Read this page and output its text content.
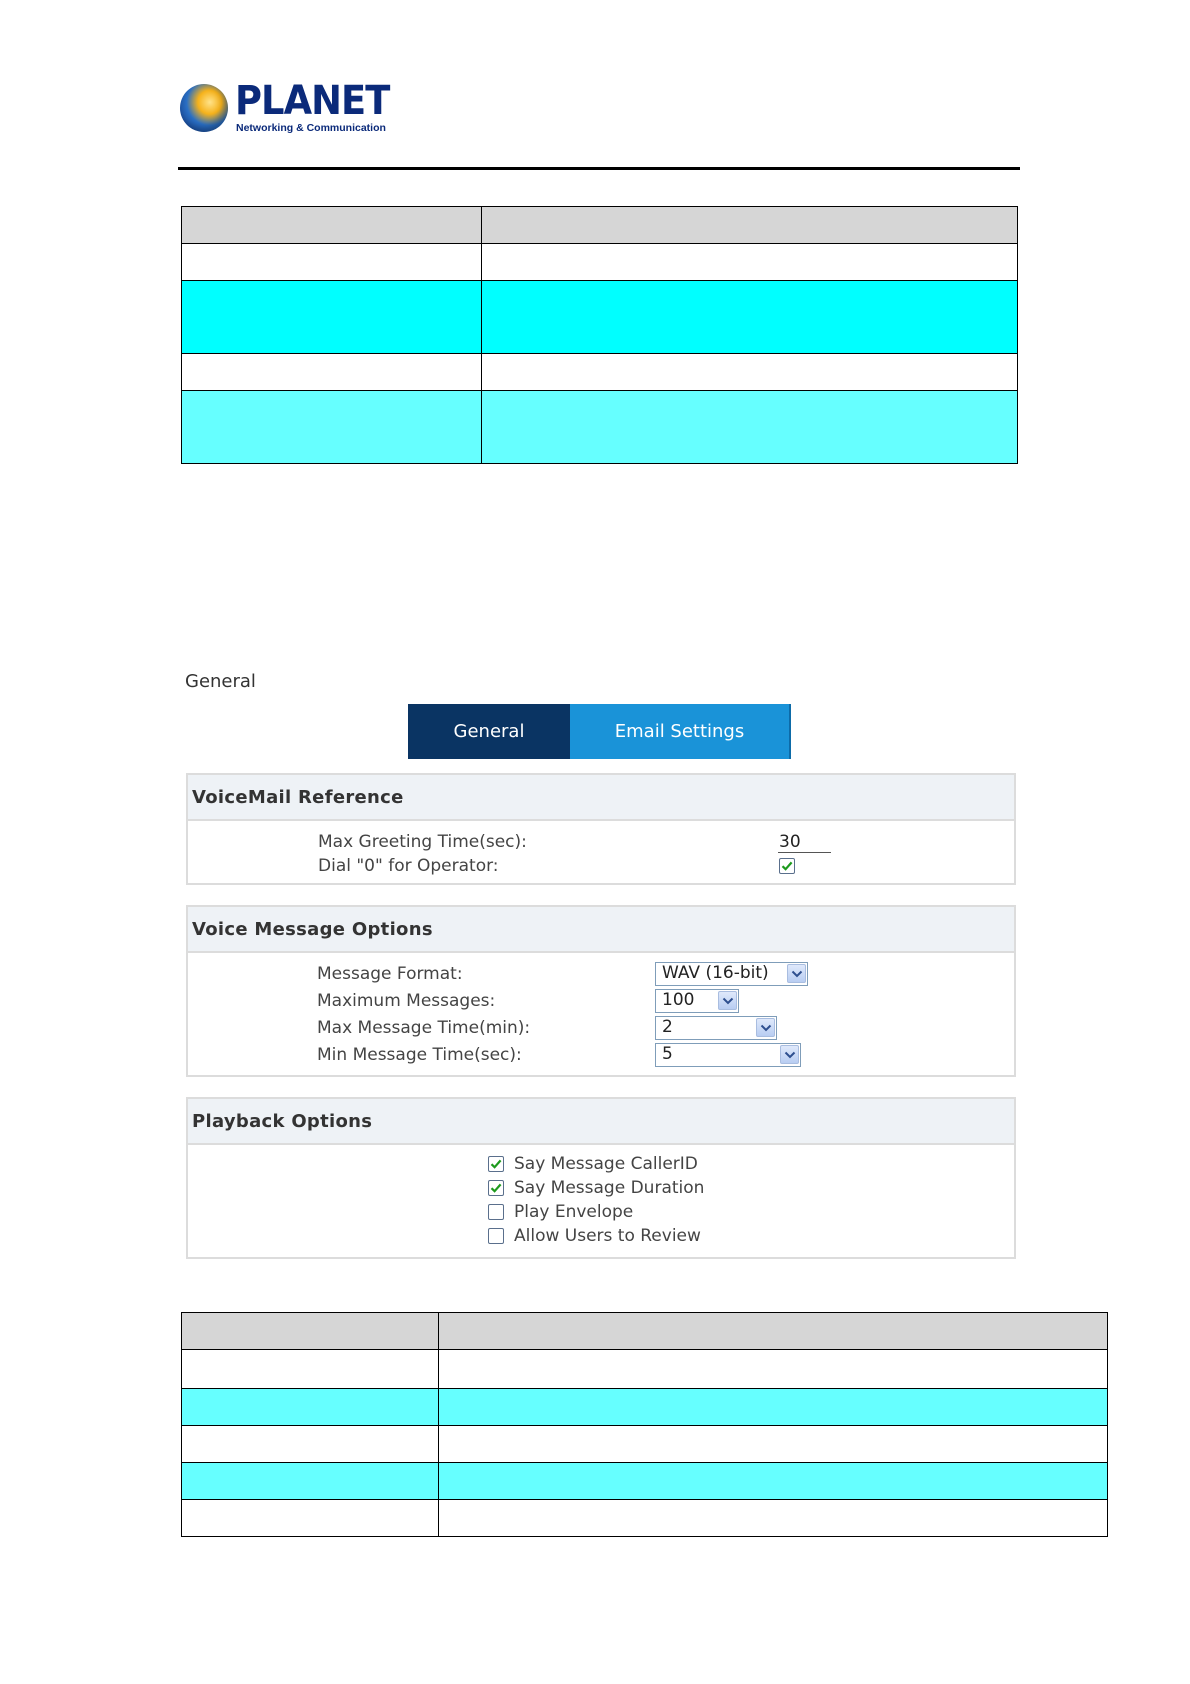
PLANET
Networking & Communication

General
General	Email Settings
VoiceMail Reference
Max Greeting Time(sec):	30
Dial "0" for Operator:
Voice Message Options
Message Format:	WAV (16-bit)
Maximum Messages:	100
Max Message Time(min):	2
Min Message Time(sec):	5
Playback Options
Say Message CallerID
Say Message Duration
Play Envelope
Allow Users to Review
